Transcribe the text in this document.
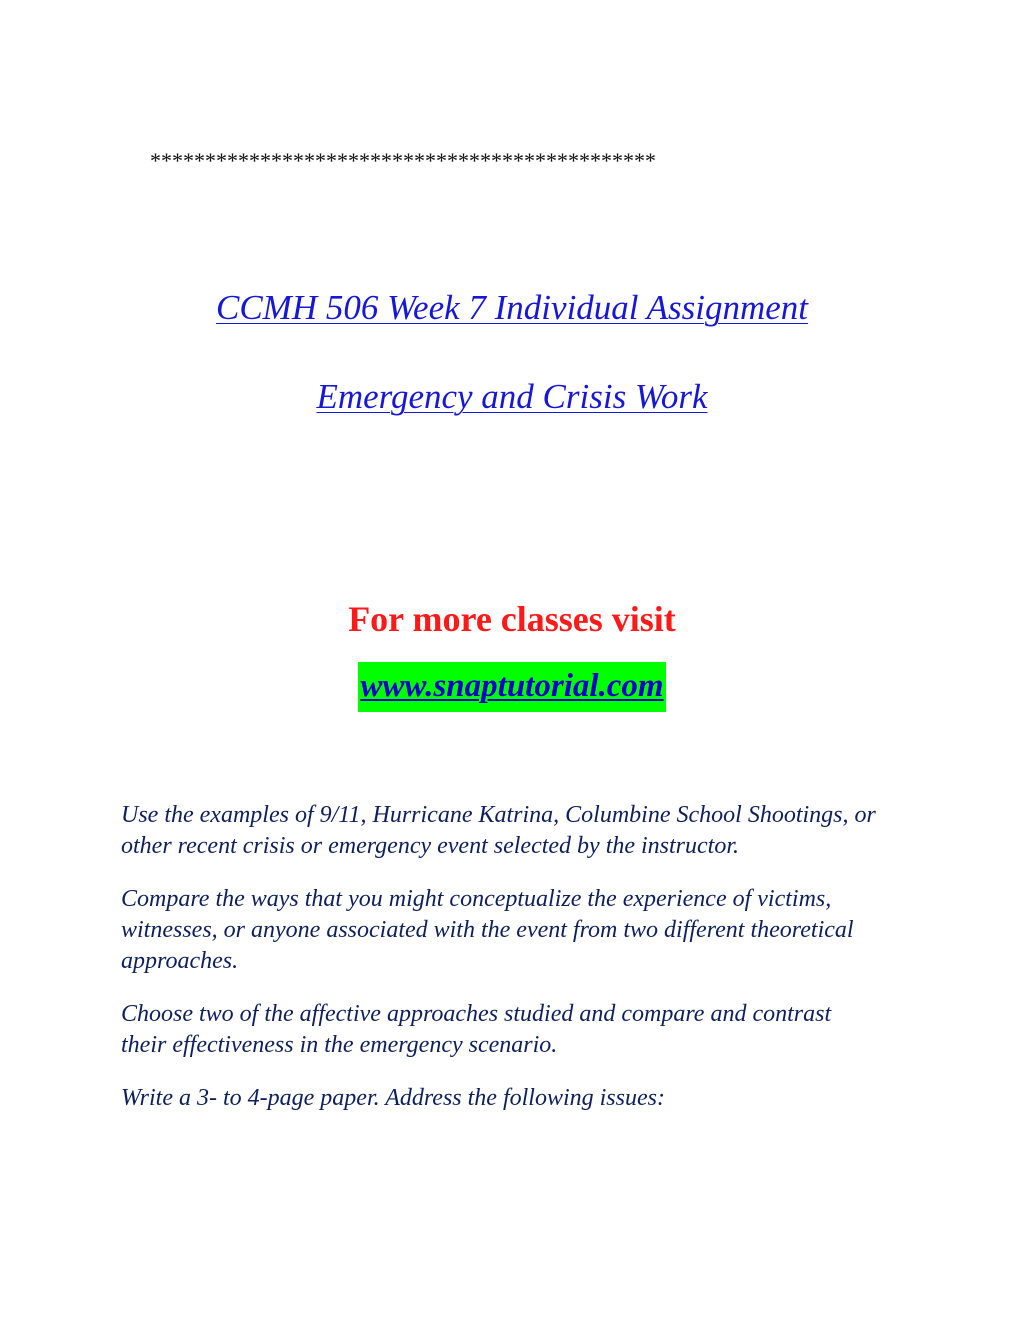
**********************************************
CCMH 506 Week 7 Individual Assignment
Emergency and Crisis Work
For more classes visit
www.snaptutorial.com

Use the examples of 9/11, Hurricane Katrina, Columbine School Shootings, or other recent crisis or emergency event selected by the instructor.

Compare the ways that you might conceptualize the experience of victims, witnesses, or anyone associated with the event from two different theoretical approaches.

Choose two of the affective approaches studied and compare and contrast their effectiveness in the emergency scenario.

Write a 3- to 4-page paper. Address the following issues:
